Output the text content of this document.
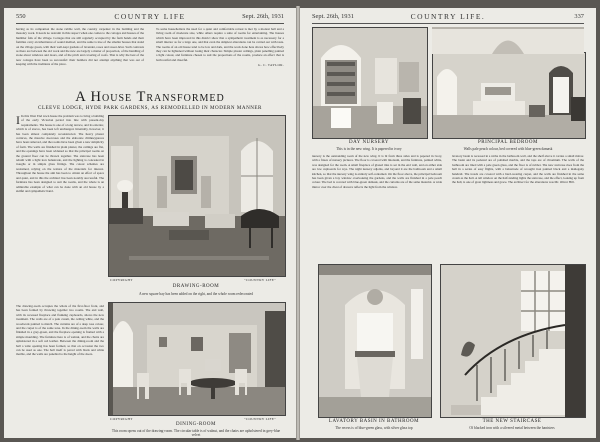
550	COUNTRY LIFE	Sept. 26th, 1931

having as its companion the stone rubble wall, the country carpenter in the building and the masonry work. It needs no restraint in this respect when one comes to the cottages and houses of the humbler folk of the village. Cottages that are still regularly occupied by the farm hands and their families carry an inheritance of sound method, and the same is true of the smaller houses that stand on the village green, with their well-kept gardens of lavender, roses and sweet-briar. Such contrasts as there are between the old work and the new are largely a matter of proportion, of the handling of stone about windows and doors, and of the pitch and covering of roofs. That is why the best of the new cottages have been so successful: their builders did not attempt anything that was out of keeping with the traditions of the place.

To some householders the need for a quiet and comfortable retreat is met by a modest hall and a living room of moderate size, while others require a suite of rooms for entertaining. The houses which have been improved in this district show that a sympathetic treatment is as necessary for a small interior as for a large one, and that even the simplest alterations can be carried out with taste. The rooms of an old house tend to be low and dark, and the work done here shows how effectively they can be lightened without losing their character. Simple plaster ceilings, plain panelling painted a light colour, and furniture chosen to suit the proportions of the rooms, produce an effect that is both restful and cheerful.

G. C. TAYLOR.
A House Transformed
CLEEVE LODGE, HYDE PARK GARDENS, AS REMODELLED IN MODERN MANNER

I In this West End town house the problem was to bring a building of the early Victorian period into line with present-day requirements. The house is one of a long terrace, and its exterior, which is of stucco, has been left unchanged. Internally, however, it has been almost completely reconstructed. The heavy plaster cornices, the massive doorcases and the elaborate chimneypieces have been removed, and the rooms have been given a new simplicity of form. The walls are finished in plain plaster, the ceilings are flat, and the openings have been widened so that the principal rooms on the ground floor can be thrown together. The staircase has been rebuilt with a light iron balustrade, and the lighting is concealed in troughs or in simple glass fittings. The colour schemes are restrained, relying on the texture of the materials for interest. Throughout the house the aim has been to obtain an effect of space and quiet, and in this the architect has been notably successful. The furniture has been designed to suit the rooms, and the whole is an admirable example of what can be done with an old house by a skilful and sympathetic hand.

COPYRIGHT	"COUNTRY LIFE"
DRAWING-ROOM
A new square bay has been added on the right, and the whole room redecorated

The drawing-room occupies the whole of the first-floor front, and has been formed by throwing together two rooms. The end wall, with its recessed fireplace and flanking cupboards, shows the new treatment. The walls are of a pale cream, the ceiling white, and the woodwork painted to match. The curtains are of a deep rose colour, and the carpet is of the same tone. In the dining-room the walls are finished in a grey-green, and the fireplace opening is framed with a simple moulding. The furniture here is of walnut, and the chairs are upholstered in a soft red leather. Between the dining-room and the hall a wide opening has been formed, so that on occasion the two can be used as one. The hall itself is paved with black and white marble, and the walls are panelled to the height of the doors.

COPYRIGHT	"COUNTRY LIFE"
DINING-ROOM
This room opens out of the drawing-room. The circular table is of walnut, and the chairs are upholstered in grey-blue velvet
Sept. 26th, 1931	COUNTRY LIFE.	337
DAY NURSERY
This is in the new wing. It is papered in ivory
PRINCIPAL BEDROOM
Walls pale peach colour, bed covered with blue-green damask

nursery is the outstanding room of the new wing. It is lit from three sides and is papered in ivory, with a frieze of nursery pictures. The floor is covered with linoleum, and the furniture, painted white, was designed for the room. A small fireplace of glazed tiles is set in the end wall, and on either side are low cupboards for toys. The night nursery adjoins, and beyond it are the bathroom and a small kitchen, so that the nursery wing is entirely self-contained. On the floor above, the principal bedroom has been given a bay window overlooking the gardens, and the walls are finished in a pale peach colour. The bed is covered with blue-green damask, and the curtains are of the same material. A wide mirror over the chest of drawers reflects the light from the window.

lavatory basin is recessed in a niche in the bathroom wall, and the shelf above it carries a small mirror. The basin and its pedestal are of polished marble, and the taps are of chromium. The walls of the bathroom are lined with a pale green glass, and the floor is of rubber. The new staircase rises from the hall in a series of easy flights, with a balustrade of wrought iron painted black and a mahogany handrail. The treads are covered with a hard-wearing carpet, and the walls are finished in the same cream as the hall. A tall window on the half-landing lights the staircase, and the effect, looking up from the hall, is one of great lightness and grace. The architect for the alterations was Mr. Oliver Hill.

LAVATORY BASIN IN BATHROOM
The recess is of blue-green glass, with silver glass top
THE NEW STAIRCASE
Of blacked iron with a silvered metal between the banisters
